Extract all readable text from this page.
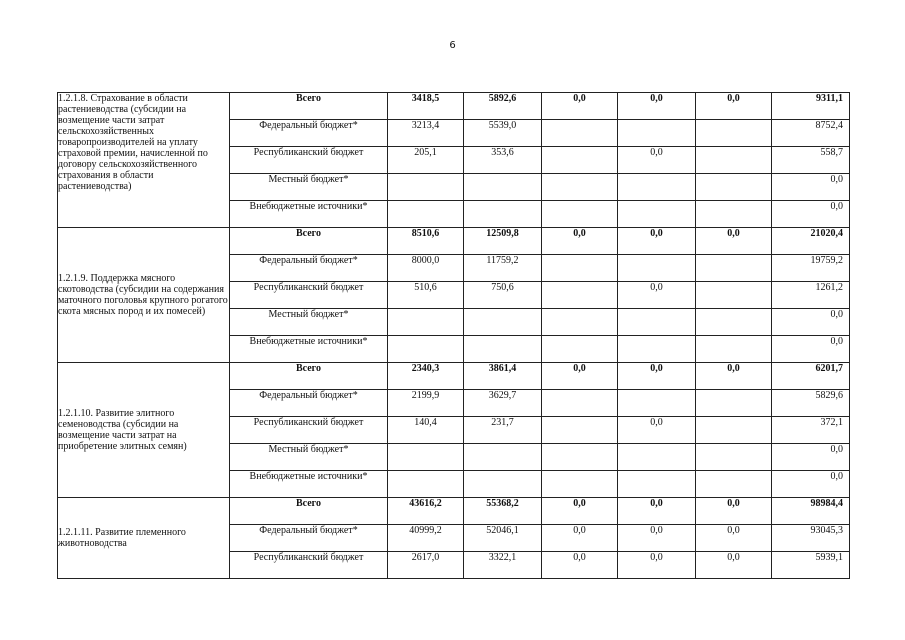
6
1.2.1.8. Страхование в области растениеводства (субсидии на возмещение части затрат сельскохозяйственных товаропроизводителей на уплату страховой премии, начисленной по договору сельскохозяйственного страхования в области растениеводства)	Всего	3418,5	5892,6	0,0	0,0	0,0	9311,1
	Федеральный бюджет*	3213,4	5539,0				8752,4
	Республиканский бюджет	205,1	353,6		0,0		558,7
	Местный бюджет*						0,0
	Внебюджетные источники*						0,0
1.2.1.9. Поддержка мясного скотоводства (субсидии на содержания маточного поголовья крупного рогатого скота мясных пород и их помесей)	Всего	8510,6	12509,8	0,0	0,0	0,0	21020,4
	Федеральный бюджет*	8000,0	11759,2				19759,2
	Республиканский бюджет	510,6	750,6		0,0		1261,2
	Местный бюджет*						0,0
	Внебюджетные источники*						0,0
1.2.1.10. Развитие элитного семеноводства (субсидии на возмещение части затрат на приобретение элитных семян)	Всего	2340,3	3861,4	0,0	0,0	0,0	6201,7
	Федеральный бюджет*	2199,9	3629,7				5829,6
	Республиканский бюджет	140,4	231,7		0,0		372,1
	Местный бюджет*						0,0
	Внебюджетные источники*						0,0
1.2.1.11. Развитие племенного животноводства	Всего	43616,2	55368,2	0,0	0,0	0,0	98984,4
	Федеральный бюджет*	40999,2	52046,1	0,0	0,0	0,0	93045,3
	Республиканский бюджет	2617,0	3322,1	0,0	0,0	0,0	5939,1
